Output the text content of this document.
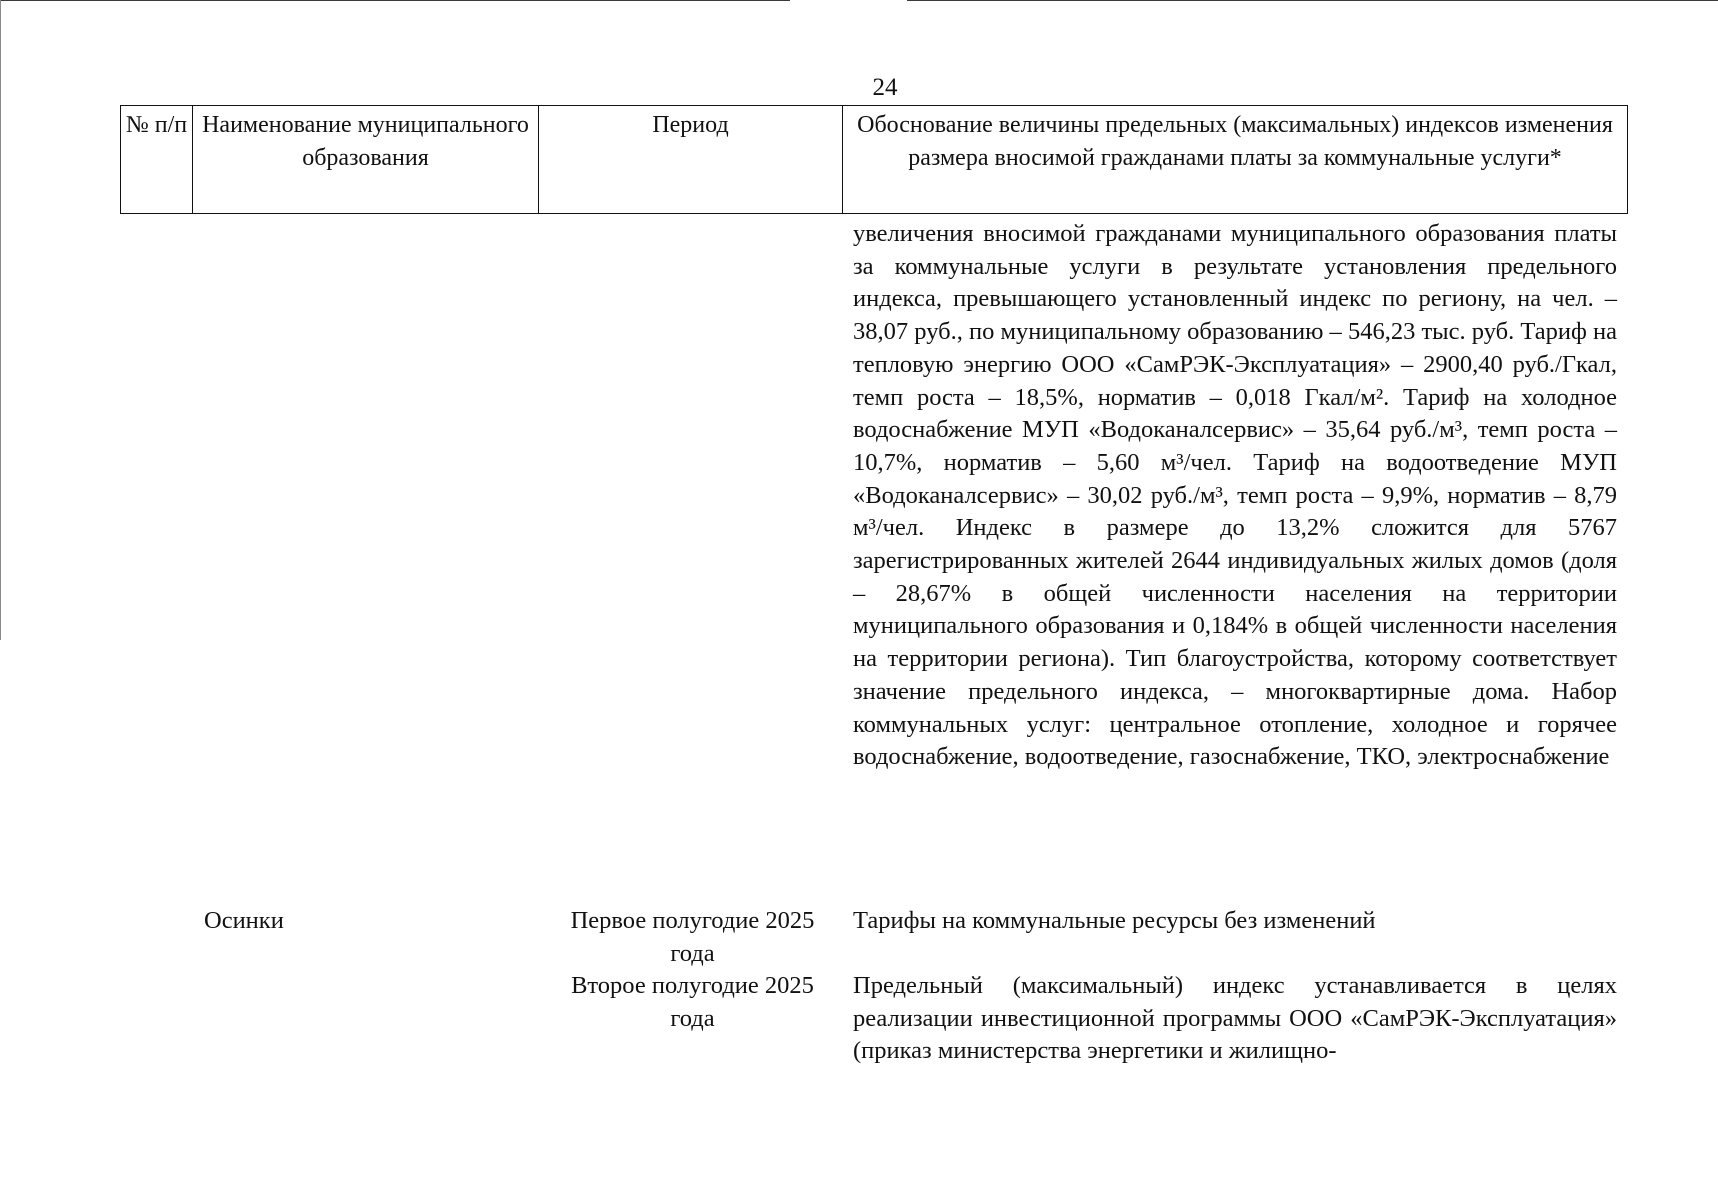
24
№ п/п Наименование муниципального образования
Период	Обоснование величины предельных (максимальных) индексов изменения размера вносимой гражданами платы за коммунальные услуги*

увеличения вносимой гражданами муниципального образования платы за коммунальные услуги в результате установления предельного индекса, превышающего установленный индекс по региону, на чел. – 38,07 руб., по муниципальному образованию – 546,23 тыс. руб. Тариф на тепловую энергию ООО «СамРЭК-Эксплуатация» – 2900,40 руб./Гкал, темп роста – 18,5%, норматив – 0,018 Гкал/м². Тариф на холодное водоснабжение МУП «Водоканалсервис» – 35,64 руб./м³, темп роста – 10,7%, норматив – 5,60 м³/чел. Тариф на водоотведение МУП «Водоканалсервис» – 30,02 руб./м³, темп роста – 9,9%, норматив – 8,79 м³/чел. Индекс в размере до 13,2% сложится для 5767 зарегистрированных жителей 2644 индивидуальных жилых домов (доля – 28,67% в общей численности населения на территории муниципального образования и 0,184% в общей численности населения на территории региона). Тип благоустройства, которому соответствует значение предельного индекса, – многоквартирные дома. Набор коммунальных услуг: центральное отопление, холодное и горячее водоснабжение, водоотведение, газоснабжение, ТКО, электроснабжение

Осинки	Первое полугодие 2025 года
Тарифы на коммунальные ресурсы без изменений
Второе полугодие 2025 года

Предельный (максимальный) индекс устанавливается в целях реализации инвестиционной программы ООО «СамРЭК-Эксплуатация» (приказ министерства энергетики и жилищно-
